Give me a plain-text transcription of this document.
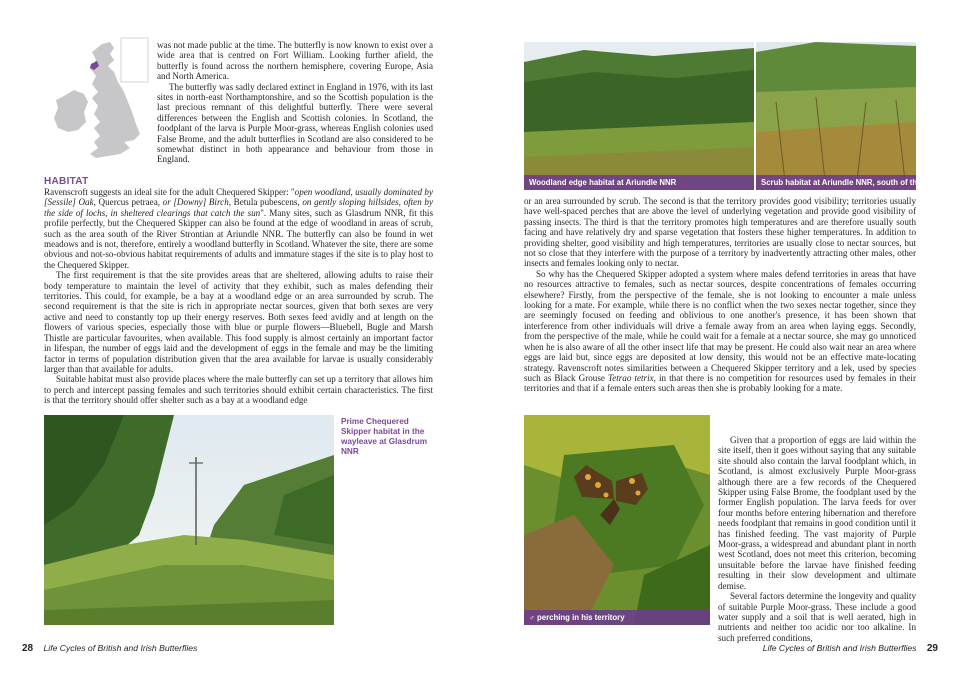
was not made public at the time. The butterfly is now known to exist over a wide area that is centred on Fort William. Looking further afield, the butterfly is found across the northern hemisphere, covering Europe, Asia and North America.

The butterfly was sadly declared extinct in England in 1976, with its last sites in north-east Northamptonshire, and so the Scottish population is the last precious remnant of this delightful butterfly. There were several differences between the English and Scottish colonies. In Scotland, the foodplant of the larva is Purple Moor-grass, whereas English colonies used False Brome, and the adult butterflies in Scotland are also considered to be somewhat distinct in both appearance and behaviour from those in England.

HABITAT

Ravenscroft suggests an ideal site for the adult Chequered Skipper: "open woodland, usually dominated by [Sessile] Oak, Quercus petraea, or [Downy] Birch, Betula pubescens, on gently sloping hillsides, often by the side of lochs, in sheltered clearings that catch the sun". Many sites, such as Glasdrum NNR, fit this profile perfectly, but the Chequered Skipper can also be found at the edge of woodland in areas of scrub, such as the area south of the River Strontian at Ariundle NNR. The butterfly can also be found in wet meadows and is not, therefore, entirely a woodland butterfly in Scotland. Whatever the site, there are some obvious and not-so-obvious habitat requirements of adults and immature stages if the site is to play host to the Chequered Skipper.

The first requirement is that the site provides areas that are sheltered, allowing adults to raise their body temperature to maintain the level of activity that they exhibit, such as males defending their territories. This could, for example, be a bay at a woodland edge or an area surrounded by scrub. The second requirement is that the site is rich in appropriate nectar sources, given that both sexes are very active and need to constantly top up their energy reserves. Both sexes feed avidly and at length on the flowers of various species, especially those with blue or purple flowers—Bluebell, Bugle and Marsh Thistle are particular favourites, when available. This food supply is almost certainly an important factor in lifespan, the number of eggs laid and the development of eggs in the female and may be the limiting factor in terms of population distribution given that the area available for larvae is usually considerably larger than that available for adults.

Suitable habitat must also provide places where the male butterfly can set up a territory that allows him to perch and intercept passing females and such territories should exhibit certain characteristics. The first is that the territory should offer shelter such as a bay at a woodland edge

Prime Chequered Skipper habitat in the wayleave at Glasdrum NNR

28 Life Cycles of British and Irish Butterflies
Woodland edge habitat at Ariundle NNR	Scrub habitat at Ariundle NNR, south of the River Strontian

or an area surrounded by scrub. The second is that the territory provides good visibility; territories usually have well-spaced perches that are above the level of underlying vegetation and provide good visibility of passing insects. The third is that the territory promotes high temperatures and are therefore usually south facing and have relatively dry and sparse vegetation that fosters these higher temperatures. In addition to providing shelter, good visibility and high temperatures, territories are usually close to nectar sources, but not so close that they interfere with the purpose of a territory by inadvertently attracting other males, other insects and females looking only to nectar.

So why has the Chequered Skipper adopted a system where males defend territories in areas that have no resources attractive to females, such as nectar sources, despite concentrations of females occurring elsewhere? Firstly, from the perspective of the female, she is not looking to encounter a male unless looking for a mate. For example, while there is no conflict when the two sexes nectar together, since they are seemingly focused on feeding and oblivious to one another's presence, it has been shown that interference from other individuals will drive a female away from an area when laying eggs. Secondly, from the perspective of the male, while he could wait for a female at a nectar source, she may go unnoticed when he is also aware of all the other insect life that may be present. He could also wait near an area where eggs are laid but, since eggs are deposited at low density, this would not be an effective mate-locating strategy. Ravenscroft notes similarities between a Chequered Skipper territory and a lek, used by species such as Black Grouse Tetrao tetrix, in that there is no competition for resources used by females in their territories and that if a female enters such areas then she is probably looking for a mate.

♂ perching in his territory

Given that a proportion of eggs are laid within the site itself, then it goes without saying that any suitable site should also contain the larval foodplant which, in Scotland, is almost exclusively Purple Moor-grass although there are a few records of the Chequered Skipper using False Brome, the foodplant used by the former English population. The larva feeds for over four months before entering hibernation and therefore needs foodplant that remains in good condition until it has finished feeding. The vast majority of Purple Moor-grass, a widespread and abundant plant in north west Scotland, does not meet this criterion, becoming unsuitable before the larvae have finished feeding resulting in their slow development and ultimate demise.

Several factors determine the longevity and quality of suitable Purple Moor-grass. These include a good water supply and a soil that is well aerated, high in nutrients and neither too acidic nor too alkaline. In such preferred conditions,

Life Cycles of British and Irish Butterflies 29
